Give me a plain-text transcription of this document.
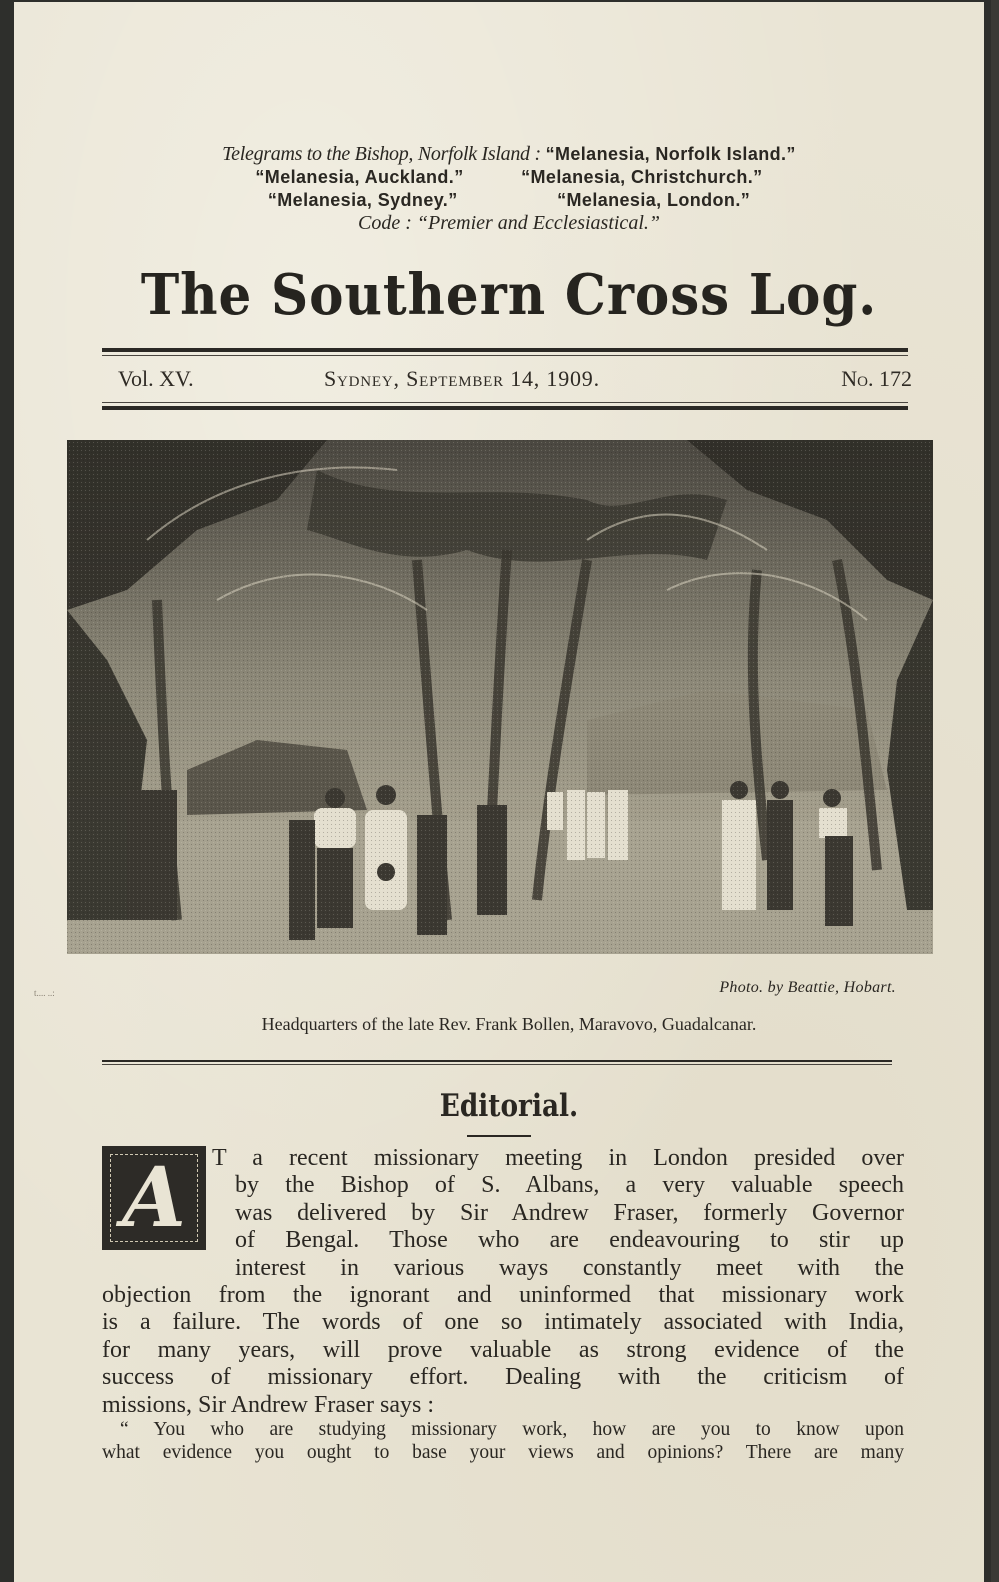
Telegrams to the Bishop, Norfolk Island : “Melanesia, Norfolk Island.”
“Melanesia, Auckland.”	“Melanesia, Christchurch.”
“Melanesia, Sydney.”	“Melanesia, London.”
Code : “Premier and Ecclesiastical.”
The Southern Cross Log.
Vol. XV.	Sydney, September 14, 1909.	No. 172
t.... ..:	Photo. by Beattie, Hobart.
Headquarters of the late Rev. Frank Bollen, Maravovo, Guadalcanar.
Editorial.
A	T a recent missionary meeting in London presided over
by the Bishop of S. Albans, a very valuable speech
was delivered by Sir Andrew Fraser, formerly Governor
of Bengal. Those who are endeavouring to stir up
interest in various ways constantly meet with the
objection from the ignorant and uninformed that missionary work
is a failure. The words of one so intimately associated with India,
for many years, will prove valuable as strong evidence of the
success of missionary effort. Dealing with the criticism of
missions, Sir Andrew Fraser says :
“ You who are studying missionary work, how are you to know upon
what evidence you ought to base your views and opinions? There are many
